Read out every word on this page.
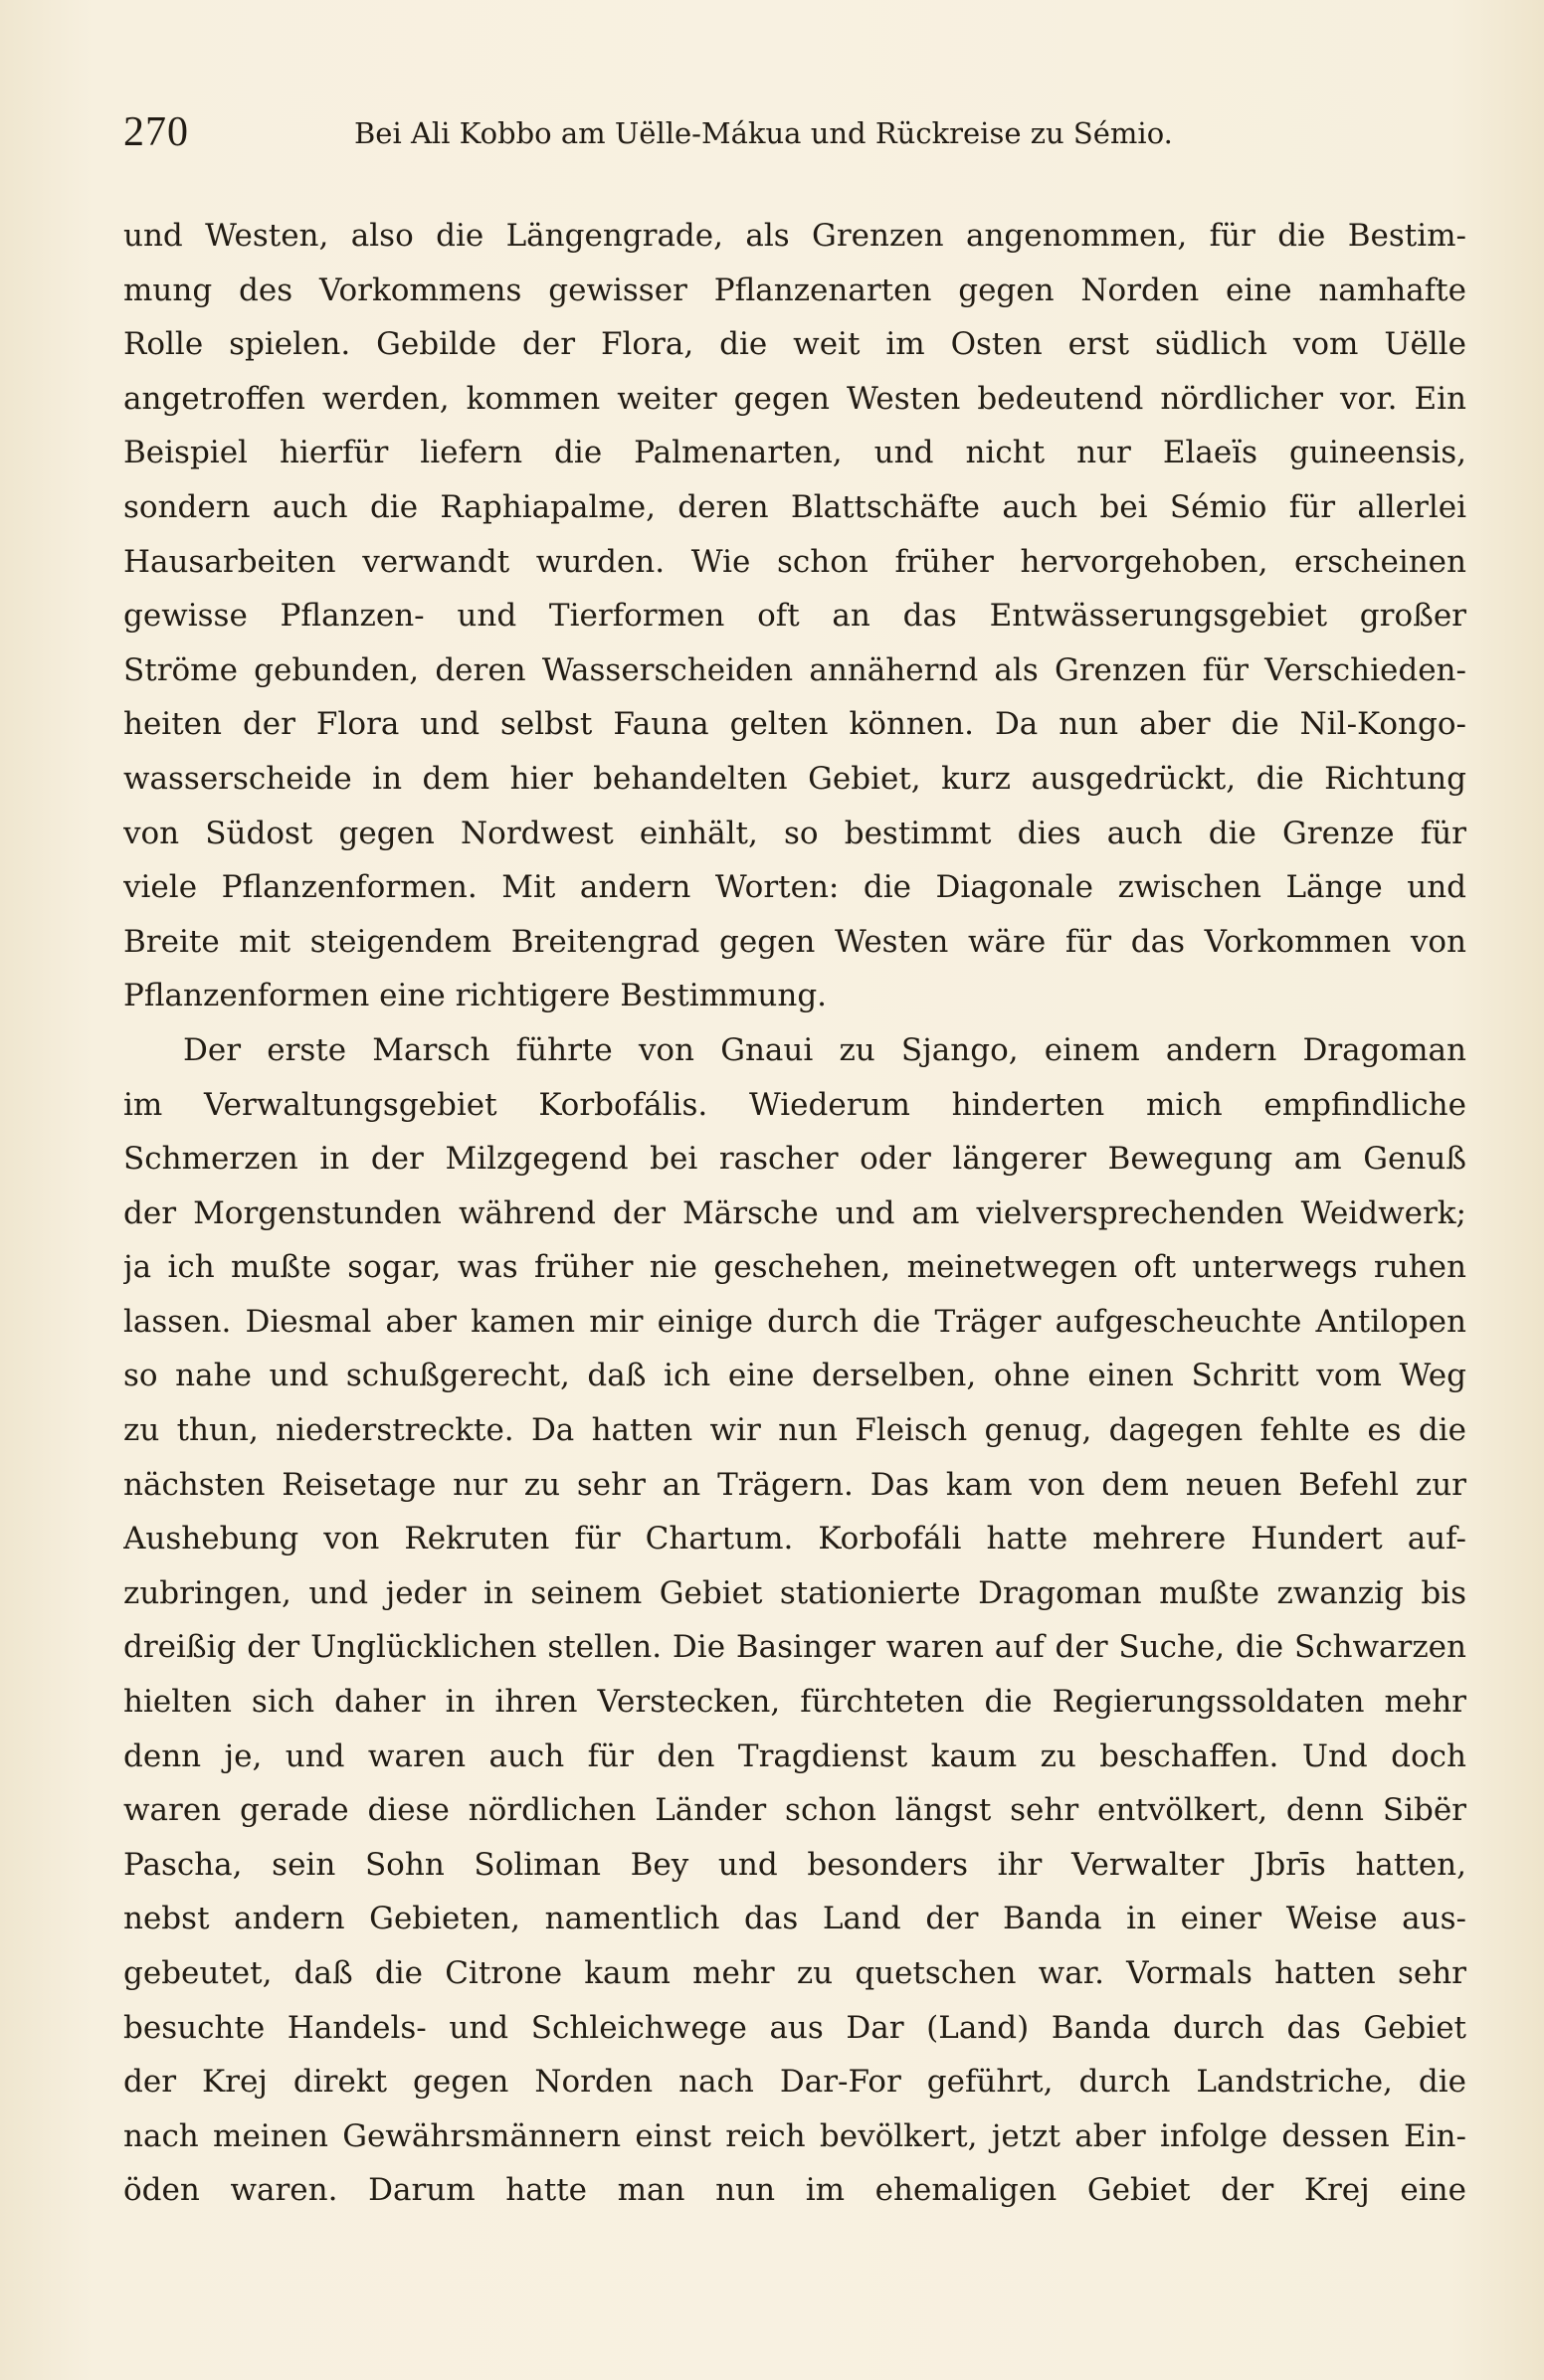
270	Bei Ali Kobbo am Uëlle-Mákua und Rückreise zu Sémio.
und Westen, also die Längengrade, als Grenzen angenommen, für die Bestim-
mung des Vorkommens gewisser Pflanzenarten gegen Norden eine namhafte
Rolle spielen. Gebilde der Flora, die weit im Osten erst südlich vom Uëlle
angetroffen werden, kommen weiter gegen Westen bedeutend nördlicher vor. Ein
Beispiel hierfür liefern die Palmenarten, und nicht nur Elaeïs guineensis,
sondern auch die Raphiapalme, deren Blattschäfte auch bei Sémio für allerlei
Hausarbeiten verwandt wurden. Wie schon früher hervorgehoben, erscheinen
gewisse Pflanzen- und Tierformen oft an das Entwässerungsgebiet großer
Ströme gebunden, deren Wasserscheiden annähernd als Grenzen für Verschieden-
heiten der Flora und selbst Fauna gelten können. Da nun aber die Nil-Kongo-
wasserscheide in dem hier behandelten Gebiet, kurz ausgedrückt, die Richtung
von Südost gegen Nordwest einhält, so bestimmt dies auch die Grenze für
viele Pflanzenformen. Mit andern Worten: die Diagonale zwischen Länge und
Breite mit steigendem Breitengrad gegen Westen wäre für das Vorkommen von
Pflanzenformen eine richtigere Bestimmung.
Der erste Marsch führte von Gnaui zu Sjango, einem andern Dragoman
im Verwaltungsgebiet Korbofális. Wiederum hinderten mich empfindliche
Schmerzen in der Milzgegend bei rascher oder längerer Bewegung am Genuß
der Morgenstunden während der Märsche und am vielversprechenden Weidwerk;
ja ich mußte sogar, was früher nie geschehen, meinetwegen oft unterwegs ruhen
lassen. Diesmal aber kamen mir einige durch die Träger aufgescheuchte Antilopen
so nahe und schußgerecht, daß ich eine derselben, ohne einen Schritt vom Weg
zu thun, niederstreckte. Da hatten wir nun Fleisch genug, dagegen fehlte es die
nächsten Reisetage nur zu sehr an Trägern. Das kam von dem neuen Befehl zur
Aushebung von Rekruten für Chartum. Korbofáli hatte mehrere Hundert auf-
zubringen, und jeder in seinem Gebiet stationierte Dragoman mußte zwanzig bis
dreißig der Unglücklichen stellen. Die Basinger waren auf der Suche, die Schwarzen
hielten sich daher in ihren Verstecken, fürchteten die Regierungssoldaten mehr
denn je, und waren auch für den Tragdienst kaum zu beschaffen. Und doch
waren gerade diese nördlichen Länder schon längst sehr entvölkert, denn Sibër
Pascha, sein Sohn Soliman Bey und besonders ihr Verwalter Jbrīs hatten,
nebst andern Gebieten, namentlich das Land der Banda in einer Weise aus-
gebeutet, daß die Citrone kaum mehr zu quetschen war. Vormals hatten sehr
besuchte Handels- und Schleichwege aus Dar (Land) Banda durch das Gebiet
der Krej direkt gegen Norden nach Dar-For geführt, durch Landstriche, die
nach meinen Gewährsmännern einst reich bevölkert, jetzt aber infolge dessen Ein-
öden waren. Darum hatte man nun im ehemaligen Gebiet der Krej eine
